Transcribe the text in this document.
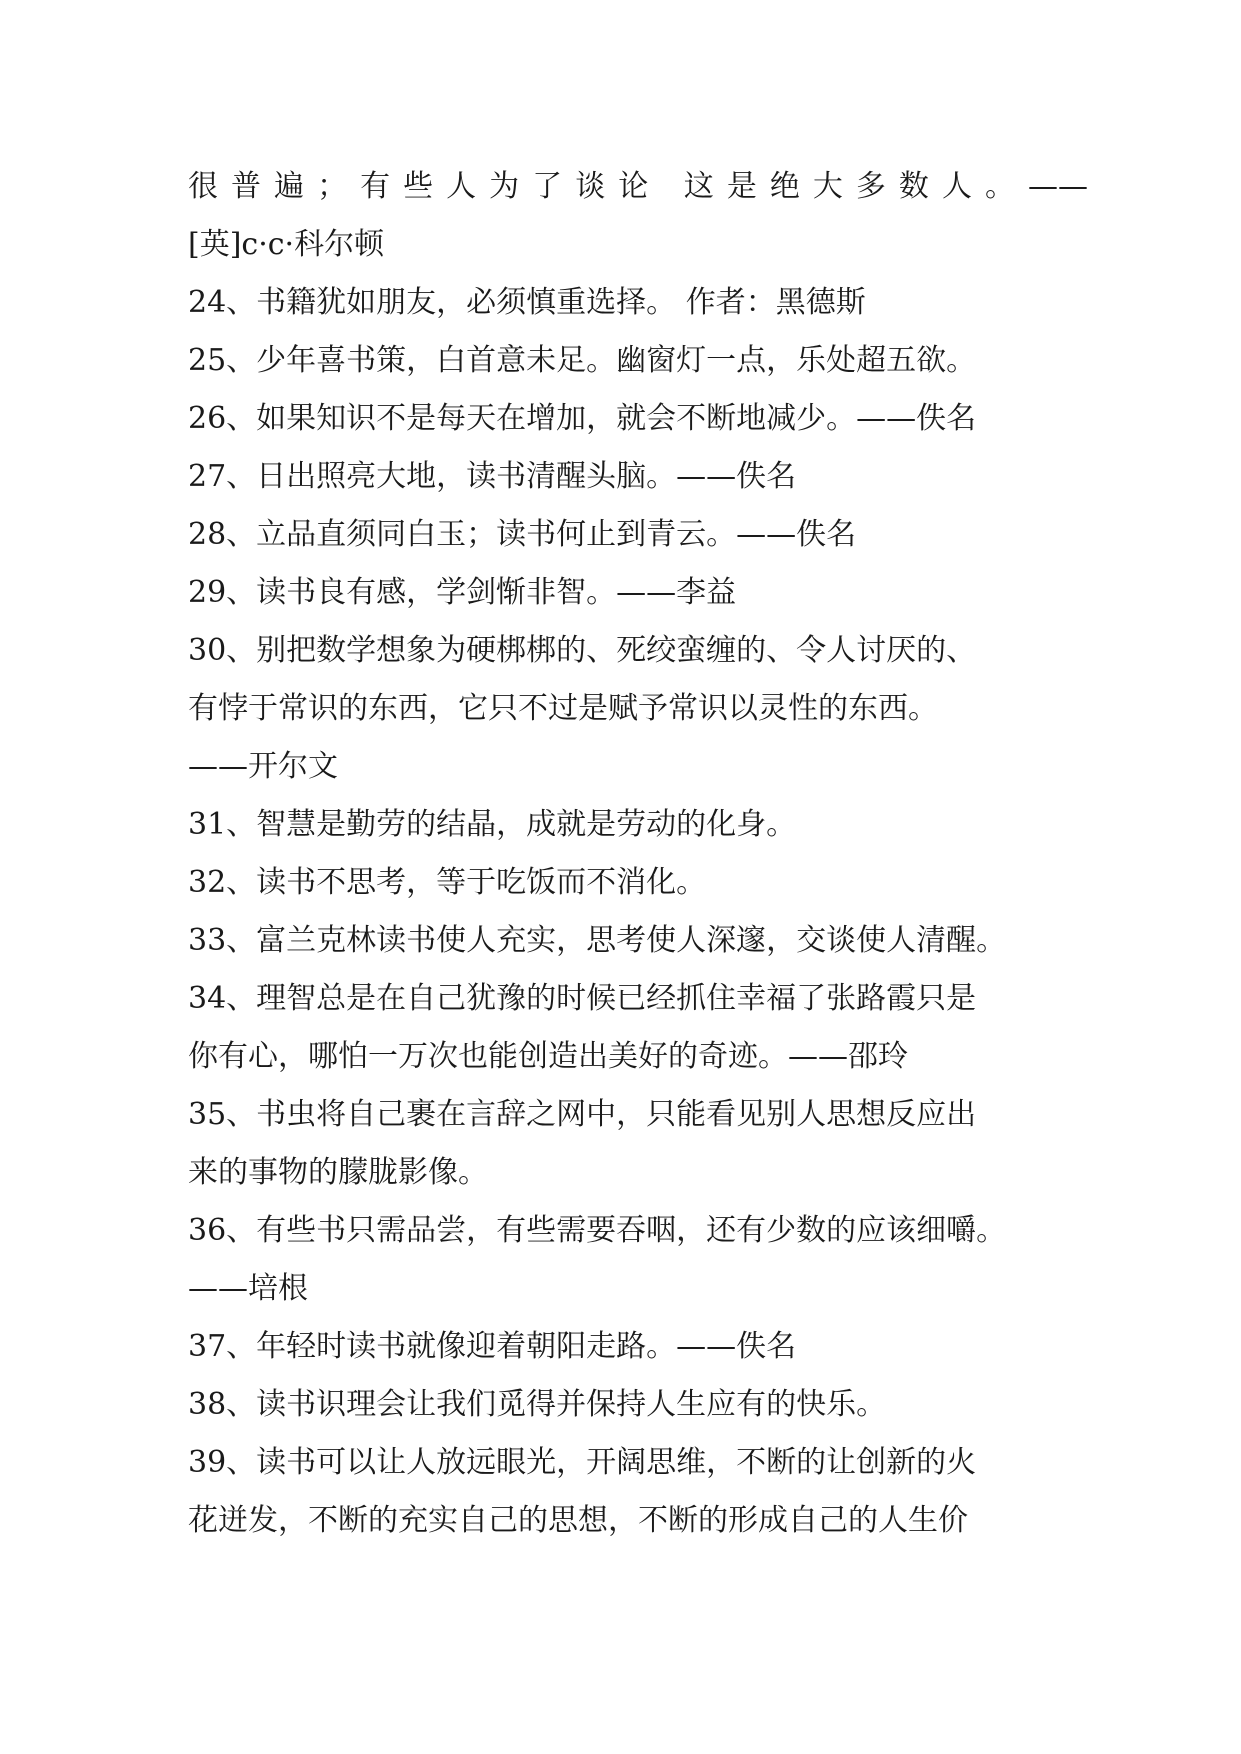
很普遍；有些人为了谈论 这是绝大多数人。——
[英]c·c·科尔顿
24、书籍犹如朋友，必须慎重选择。 作者：黑德斯
25、少年喜书策，白首意未足。幽窗灯一点，乐处超五欲。
26、如果知识不是每天在增加，就会不断地减少。——佚名
27、日出照亮大地，读书清醒头脑。——佚名
28、立品直须同白玉；读书何止到青云。——佚名
29、读书良有感，学剑惭非智。——李益
30、别把数学想象为硬梆梆的、死绞蛮缠的、令人讨厌的、
有悖于常识的东西，它只不过是赋予常识以灵性的东西。
——开尔文
31、智慧是勤劳的结晶，成就是劳动的化身。
32、读书不思考，等于吃饭而不消化。
33、富兰克林读书使人充实，思考使人深邃，交谈使人清醒。
34、理智总是在自己犹豫的时候已经抓住幸福了张路霞只是
你有心，哪怕一万次也能创造出美好的奇迹。——邵玲
35、书虫将自己裹在言辞之网中，只能看见别人思想反应出
来的事物的朦胧影像。
36、有些书只需品尝，有些需要吞咽，还有少数的应该细嚼。
——培根
37、年轻时读书就像迎着朝阳走路。——佚名
38、读书识理会让我们觅得并保持人生应有的快乐。
39、读书可以让人放远眼光，开阔思维，不断的让创新的火
花迸发，不断的充实自己的思想，不断的形成自己的人生价
